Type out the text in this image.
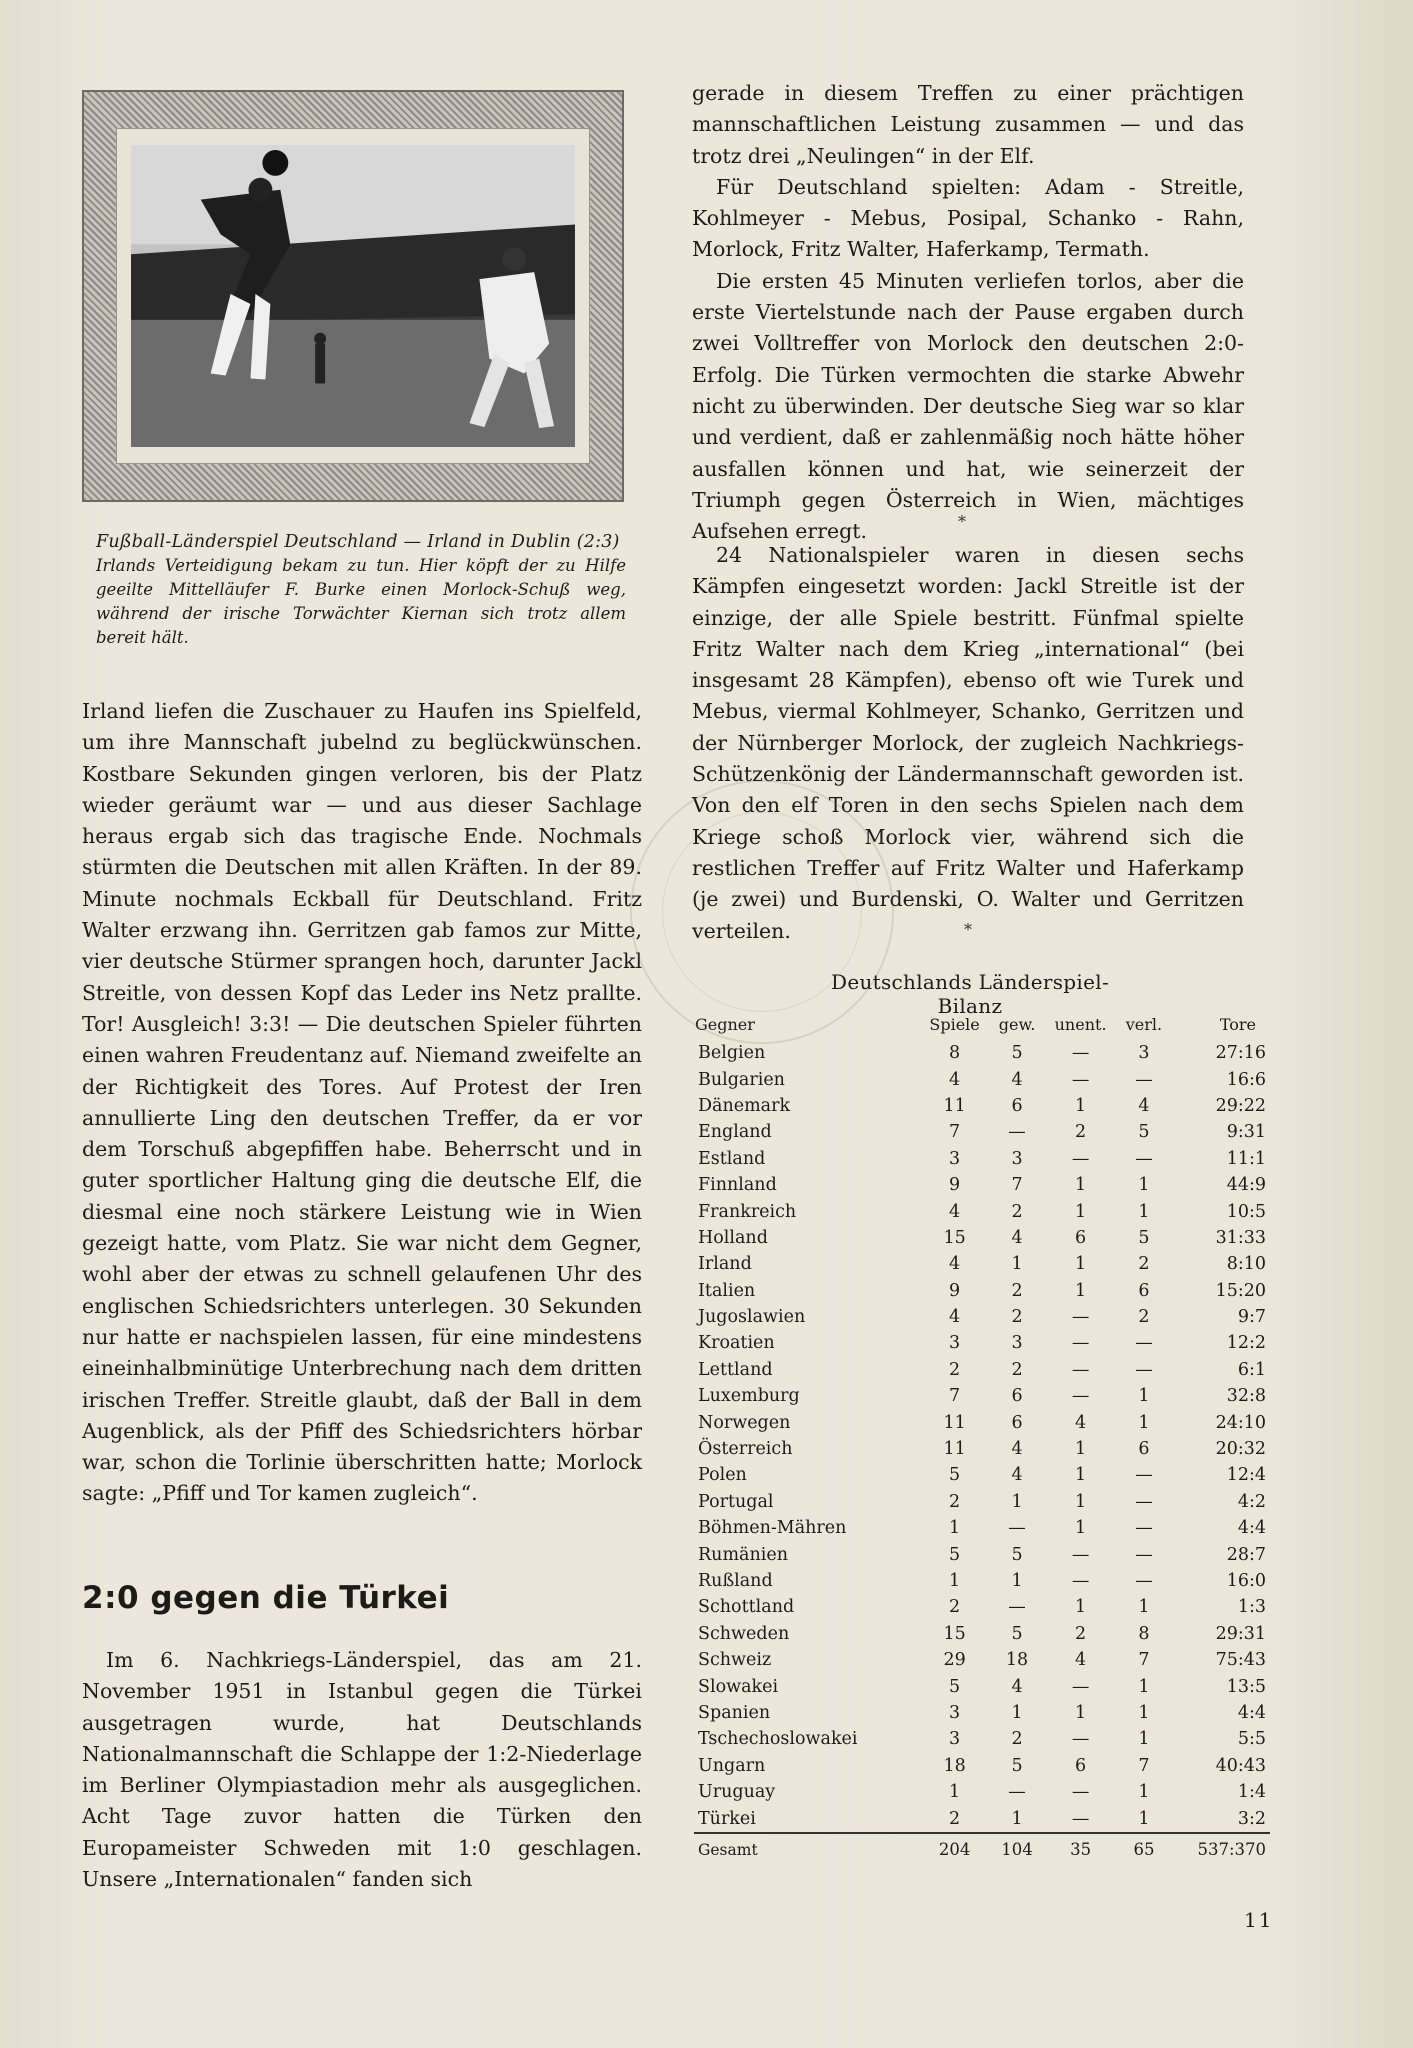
Fußball-Länderspiel Deutschland — Irland in Dublin (2:3)
Irlands Verteidigung bekam zu tun. Hier köpft der zu Hilfe geeilte Mittelläufer F. Burke einen Morlock-Schuß weg, während der irische Torwächter Kiernan sich trotz allem bereit hält.

Irland liefen die Zuschauer zu Haufen ins Spielfeld, um ihre Mannschaft jubelnd zu beglückwünschen. Kostbare Sekunden gingen verloren, bis der Platz wieder geräumt war — und aus dieser Sachlage heraus ergab sich das tragische Ende. Nochmals stürmten die Deutschen mit allen Kräften. In der 89. Minute nochmals Eckball für Deutschland. Fritz Walter erzwang ihn. Gerritzen gab famos zur Mitte, vier deutsche Stürmer sprangen hoch, darunter Jackl Streitle, von dessen Kopf das Leder ins Netz prallte. Tor! Ausgleich! 3:3! — Die deutschen Spieler führten einen wahren Freudentanz auf. Niemand zweifelte an der Richtigkeit des Tores. Auf Protest der Iren annullierte Ling den deutschen Treffer, da er vor dem Torschuß abgepfiffen habe. Beherrscht und in guter sportlicher Haltung ging die deutsche Elf, die diesmal eine noch stärkere Leistung wie in Wien gezeigt hatte, vom Platz. Sie war nicht dem Gegner, wohl aber der etwas zu schnell gelaufenen Uhr des englischen Schiedsrichters unterlegen. 30 Sekunden nur hatte er nachspielen lassen, für eine mindestens eineinhalbminütige Unterbrechung nach dem dritten irischen Treffer. Streitle glaubt, daß der Ball in dem Augenblick, als der Pfiff des Schiedsrichters hörbar war, schon die Torlinie überschritten hatte; Morlock sagte: „Pfiff und Tor kamen zugleich“.

2:0 gegen die Türkei

Im 6. Nachkriegs-Länderspiel, das am 21. November 1951 in Istanbul gegen die Türkei ausgetragen wurde, hat Deutschlands Nationalmannschaft die Schlappe der 1:2-Niederlage im Berliner Olympiastadion mehr als ausgeglichen. Acht Tage zuvor hatten die Türken den Europameister Schweden mit 1:0 geschlagen. Unsere „Internationalen“ fanden sich

gerade in diesem Treffen zu einer prächtigen mannschaftlichen Leistung zusammen — und das trotz drei „Neulingen“ in der Elf.

Für Deutschland spielten: Adam - Streitle, Kohlmeyer - Mebus, Posipal, Schanko - Rahn, Morlock, Fritz Walter, Haferkamp, Termath.

Die ersten 45 Minuten verliefen torlos, aber die erste Viertelstunde nach der Pause ergaben durch zwei Volltreffer von Morlock den deutschen 2:0-Erfolg. Die Türken vermochten die starke Abwehr nicht zu überwinden. Der deutsche Sieg war so klar und verdient, daß er zahlenmäßig noch hätte höher ausfallen können und hat, wie seinerzeit der Triumph gegen Österreich in Wien, mächtiges Aufsehen erregt.	*

24 Nationalspieler waren in diesen sechs Kämpfen eingesetzt worden: Jackl Streitle ist der einzige, der alle Spiele bestritt. Fünfmal spielte Fritz Walter nach dem Krieg „international“ (bei insgesamt 28 Kämpfen), ebenso oft wie Turek und Mebus, viermal Kohlmeyer, Schanko, Gerritzen und der Nürnberger Morlock, der zugleich Nachkriegs-Schützenkönig der Ländermannschaft geworden ist. Von den elf Toren in den sechs Spielen nach dem Kriege schoß Morlock vier, während sich die restlichen Treffer auf Fritz Walter und Haferkamp (je zwei) und Burdenski, O. Walter und Gerritzen verteilen.	*
Deutschlands Länderspiel-Bilanz
Gegner	Spiele	gew.	unent.	verl.	Tore
Belgien	8	5	—	3	27:16
Bulgarien	4	4	—	—	16:6
Dänemark	11	6	1	4	29:22
England	7	—	2	5	9:31
Estland	3	3	—	—	11:1
Finnland	9	7	1	1	44:9
Frankreich	4	2	1	1	10:5
Holland	15	4	6	5	31:33
Irland	4	1	1	2	8:10
Italien	9	2	1	6	15:20
Jugoslawien	4	2	—	2	9:7
Kroatien	3	3	—	—	12:2
Lettland	2	2	—	—	6:1
Luxemburg	7	6	—	1	32:8
Norwegen	11	6	4	1	24:10
Österreich	11	4	1	6	20:32
Polen	5	4	1	—	12:4
Portugal	2	1	1	—	4:2
Böhmen-Mähren	1	—	1	—	4:4
Rumänien	5	5	—	—	28:7
Rußland	1	1	—	—	16:0
Schottland	2	—	1	1	1:3
Schweden	15	5	2	8	29:31
Schweiz	29	18	4	7	75:43
Slowakei	5	4	—	1	13:5
Spanien	3	1	1	1	4:4
Tschechoslowakei	3	2	—	1	5:5
Ungarn	18	5	6	7	40:43
Uruguay	1	—	—	1	1:4
Türkei	2	1	—	1	3:2
Gesamt	204	104	35	65	537:370
11
